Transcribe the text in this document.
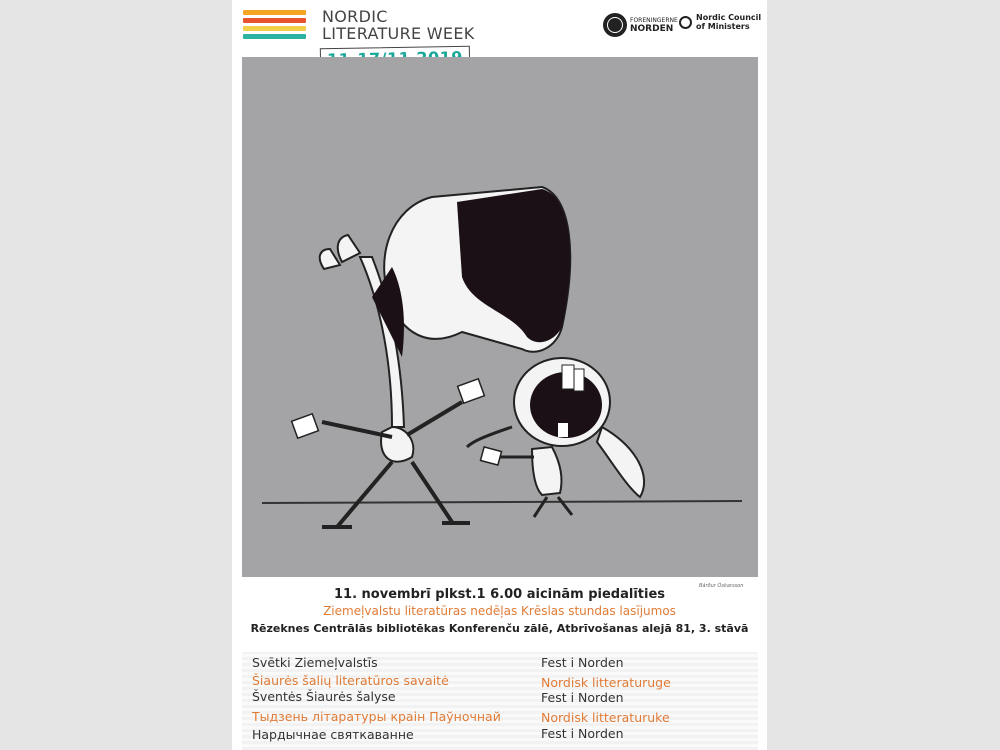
NORDIC
LITERATURE WEEK
FORENINGERNE
NORDEN
Nordic Council
of Ministers
Bárður Óskarsson
11. novembrī plkst.1 6.00 aicinām piedalīties
Ziemeļvalstu literatūras nedēļas Krēslas stundas lasījumos
Rēzeknes Centrālās bibliotēkas Konferenču zālē, Atbrīvošanas alejā 81, 3. stāvā
Svētki Ziemeļvalstīs
Šiaurės šalių literatūros savaitė
Šventės Šiaurės šalyse
Тыдзень літаратуры краін Паўночнай
Нардычнае святкаванне
Fest i Norden
Nordisk litteraturuge
Fest i Norden
Nordisk litteraturuke
Fest i Norden
